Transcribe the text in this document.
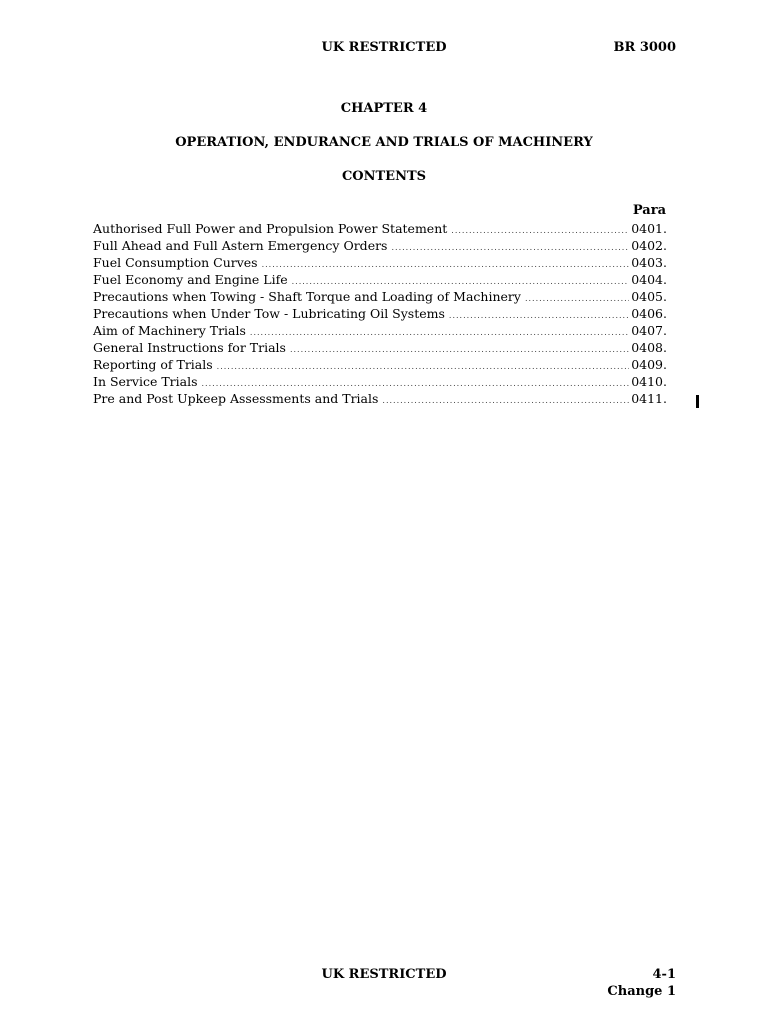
UK RESTRICTED	BR 3000
CHAPTER 4
OPERATION, ENDURANCE AND TRIALS OF MACHINERY
CONTENTS
Para
Authorised Full Power and Propulsion Power Statement .....	0401.
Full Ahead and Full Astern Emergency Orders .....	0402.
Fuel Consumption Curves .....	0403.
Fuel Economy and Engine Life .....	0404.
Precautions when Towing - Shaft Torque and Loading of Machinery .....	0405.
Precautions when Under Tow - Lubricating Oil Systems .....	0406.
Aim of Machinery Trials .....	0407.
General Instructions for Trials .....	0408.
Reporting of Trials .....	0409.
In Service Trials .....	0410.
Pre and Post Upkeep Assessments and Trials .....	0411.
UK RESTRICTED	4-1
Change 1
